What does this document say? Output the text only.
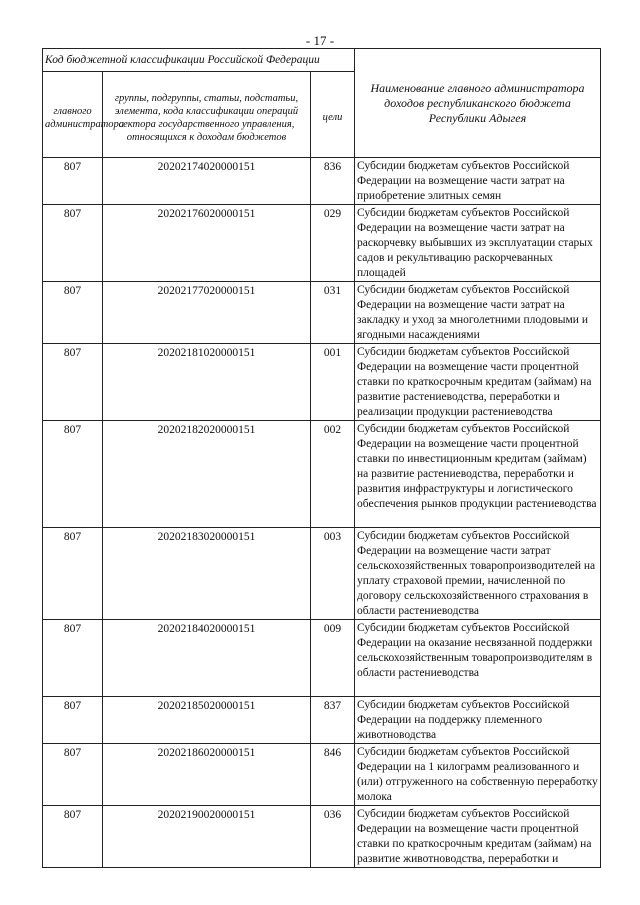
- 17 -
Код бюджетной классификации Российской Федерации			Наименование главного администратора доходов республиканского бюджета Республики Адыгея
главного администратора	группы, подгруппы, статьи, подстатьи, элемента, кода классификации операций сектора государственного управления, относящихся к доходам бюджетов	цели	
807	20202174020000151	836	Субсидии бюджетам субъектов Российской Федерации на возмещение части затрат на приобретение элитных семян
807	20202176020000151	029	Субсидии бюджетам субъектов Российской Федерации на возмещение части затрат на раскорчевку выбывших из эксплуатации старых садов и рекультивацию раскорчеванных площадей
807	20202177020000151	031	Субсидии бюджетам субъектов Российской Федерации на возмещение части затрат на закладку и уход за многолетними плодовыми и ягодными насаждениями
807	20202181020000151	001	Субсидии бюджетам субъектов Российской Федерации на возмещение части процентной ставки по краткосрочным кредитам (займам) на развитие растениеводства, переработки и реализации продукции растениеводства
807	20202182020000151	002	Субсидии бюджетам субъектов Российской Федерации на возмещение части процентной ставки по инвестиционным кредитам (займам) на развитие растениеводства, переработки и развития инфраструктуры и логистического обеспечения рынков продукции растениеводства
807	20202183020000151	003	Субсидии бюджетам субъектов Российской Федерации на возмещение части затрат сельскохозяйственных товаропроизводителей на уплату страховой премии, начисленной по договору сельскохозяйственного страхования в области растениеводства
807	20202184020000151	009	Субсидии бюджетам субъектов Российской Федерации на оказание несвязанной поддержки сельскохозяйственным товаропроизводителям в области растениеводства
807	20202185020000151	837	Субсидии бюджетам субъектов Российской Федерации на поддержку племенного животноводства
807	20202186020000151	846	Субсидии бюджетам субъектов Российской Федерации на 1 килограмм реализованного и (или) отгруженного на собственную переработку молока
807	20202190020000151	036	Субсидии бюджетам субъектов Российской Федерации на возмещение части процентной ставки по краткосрочным кредитам (займам) на развитие животноводства, переработки и
